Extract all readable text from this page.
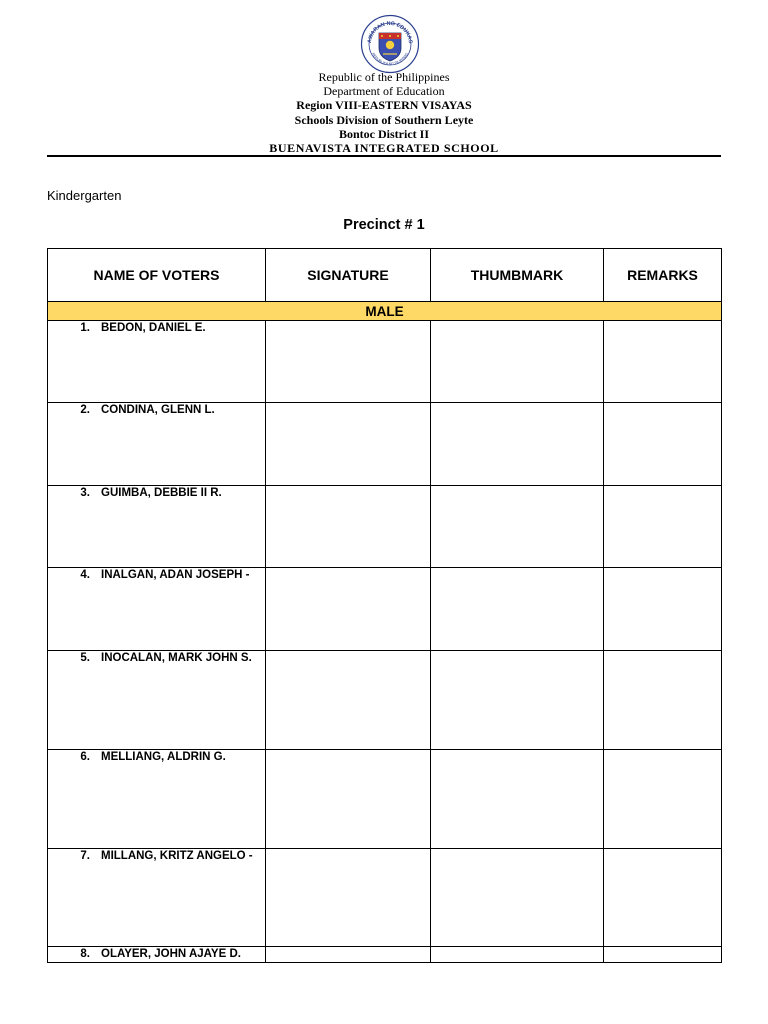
AWARAN NG EDUKAS
REPUBLIKA NG PILIPINAS
Republic of the Philippines
Department of Education
Region VIII-EASTERN VISAYAS
Schools Division of Southern Leyte
Bontoc District II
BUENAVISTA INTEGRATED SCHOOL
Kindergarten
Precinct # 1
NAME OF VOTERS	SIGNATURE	THUMBMARK	REMARKS
MALE			
1. BEDON, DANIEL E.			
2. CONDINA, GLENN L.			
3. GUIMBA, DEBBIE II R.			
4. INALGAN, ADAN JOSEPH -			
5. INOCALAN, MARK JOHN S.			
6. MELLIANG, ALDRIN G.			
7. MILLANG, KRITZ ANGELO -			
8. OLAYER, JOHN AJAYE D.			
